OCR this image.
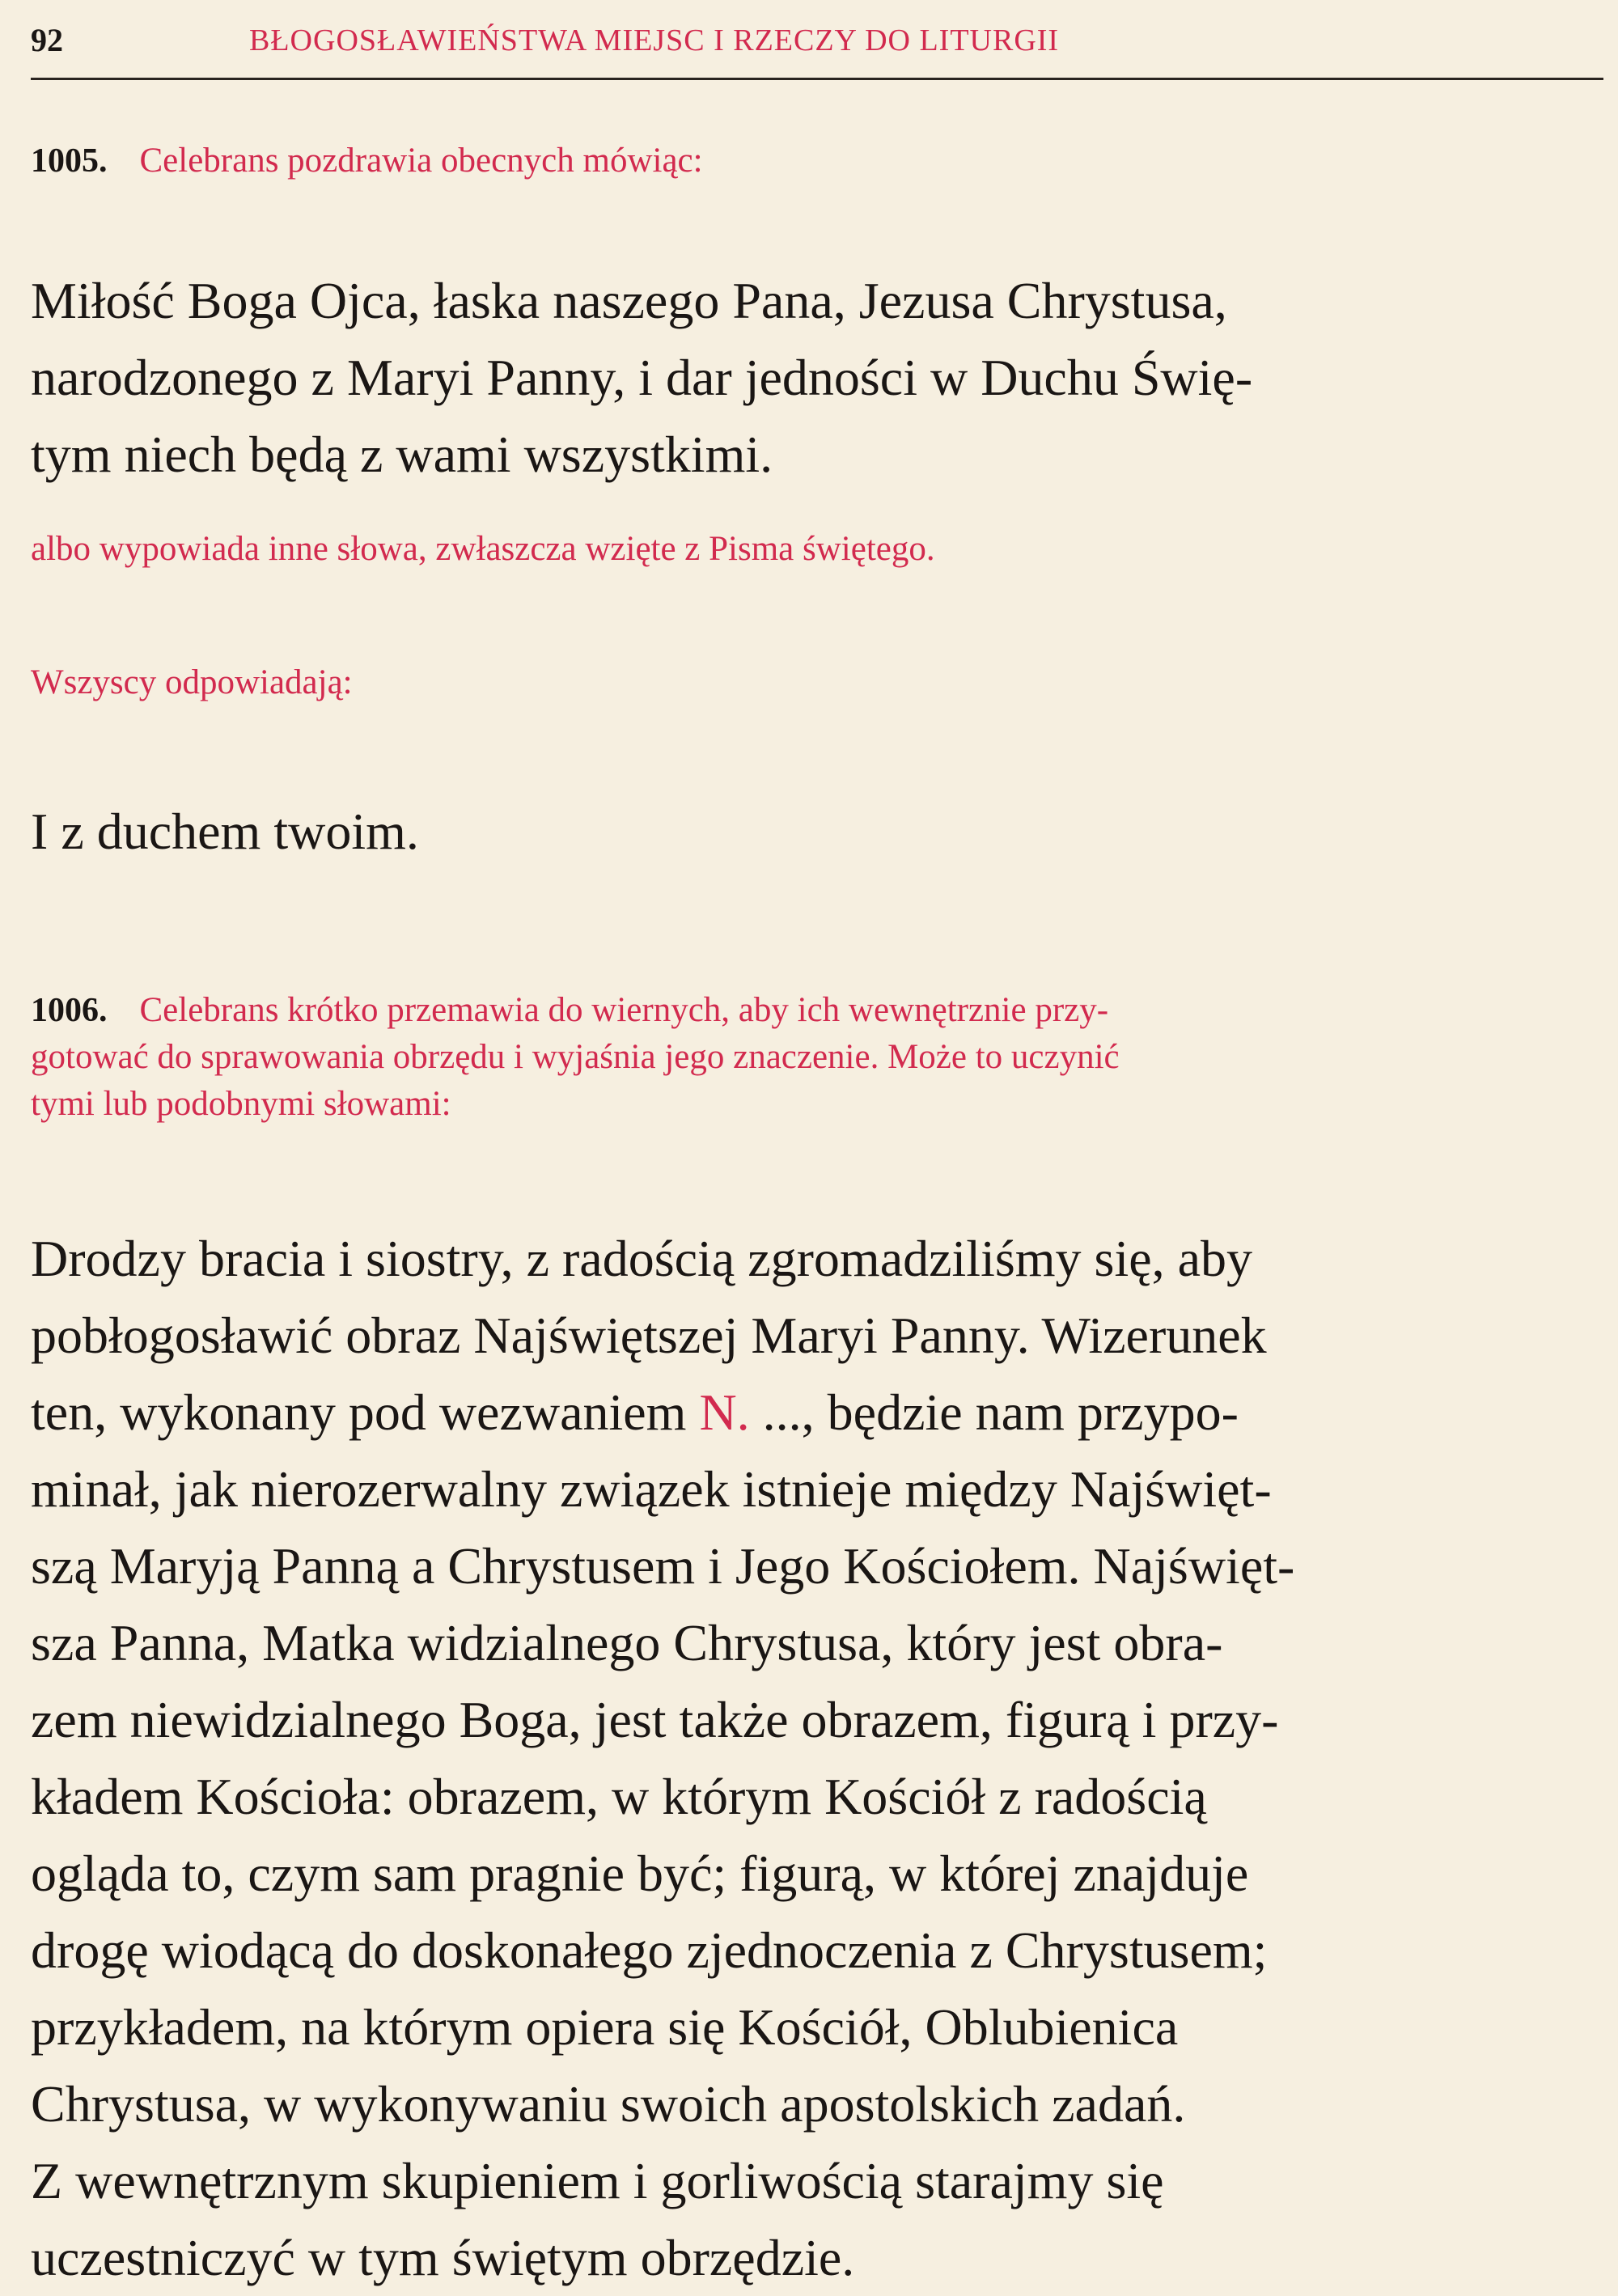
92	BŁOGOSŁAWIEŃSTWA MIEJSC I RZECZY DO LITURGII
1005. Celebrans pozdrawia obecnych mówiąc:
Miłość Boga Ojca, łaska naszego Pana, Jezusa Chrystusa,
narodzonego z Maryi Panny, i dar jedności w Duchu Świę-
tym niech będą z wami wszystkimi.
albo wypowiada inne słowa, zwłaszcza wzięte z Pisma świętego.
Wszyscy odpowiadają:
I z duchem twoim.
1006. Celebrans krótko przemawia do wiernych, aby ich wewnętrznie przy-
gotować do sprawowania obrzędu i wyjaśnia jego znaczenie. Może to uczynić
tymi lub podobnymi słowami:
Drodzy bracia i siostry, z radością zgromadziliśmy się, aby
pobłogosławić obraz Najświętszej Maryi Panny. Wizerunek
ten, wykonany pod wezwaniem N. ..., będzie nam przypo-
minał, jak nierozerwalny związek istnieje między Najświęt-
szą Maryją Panną a Chrystusem i Jego Kościołem. Najświęt-
sza Panna, Matka widzialnego Chrystusa, który jest obra-
zem niewidzialnego Boga, jest także obrazem, figurą i przy-
kładem Kościoła: obrazem, w którym Kościół z radością
ogląda to, czym sam pragnie być; figurą, w której znajduje
drogę wiodącą do doskonałego zjednoczenia z Chrystusem;
przykładem, na którym opiera się Kościół, Oblubienica
Chrystusa, w wykonywaniu swoich apostolskich zadań.
Z wewnętrznym skupieniem i gorliwością starajmy się
uczestniczyć w tym świętym obrzędzie.
